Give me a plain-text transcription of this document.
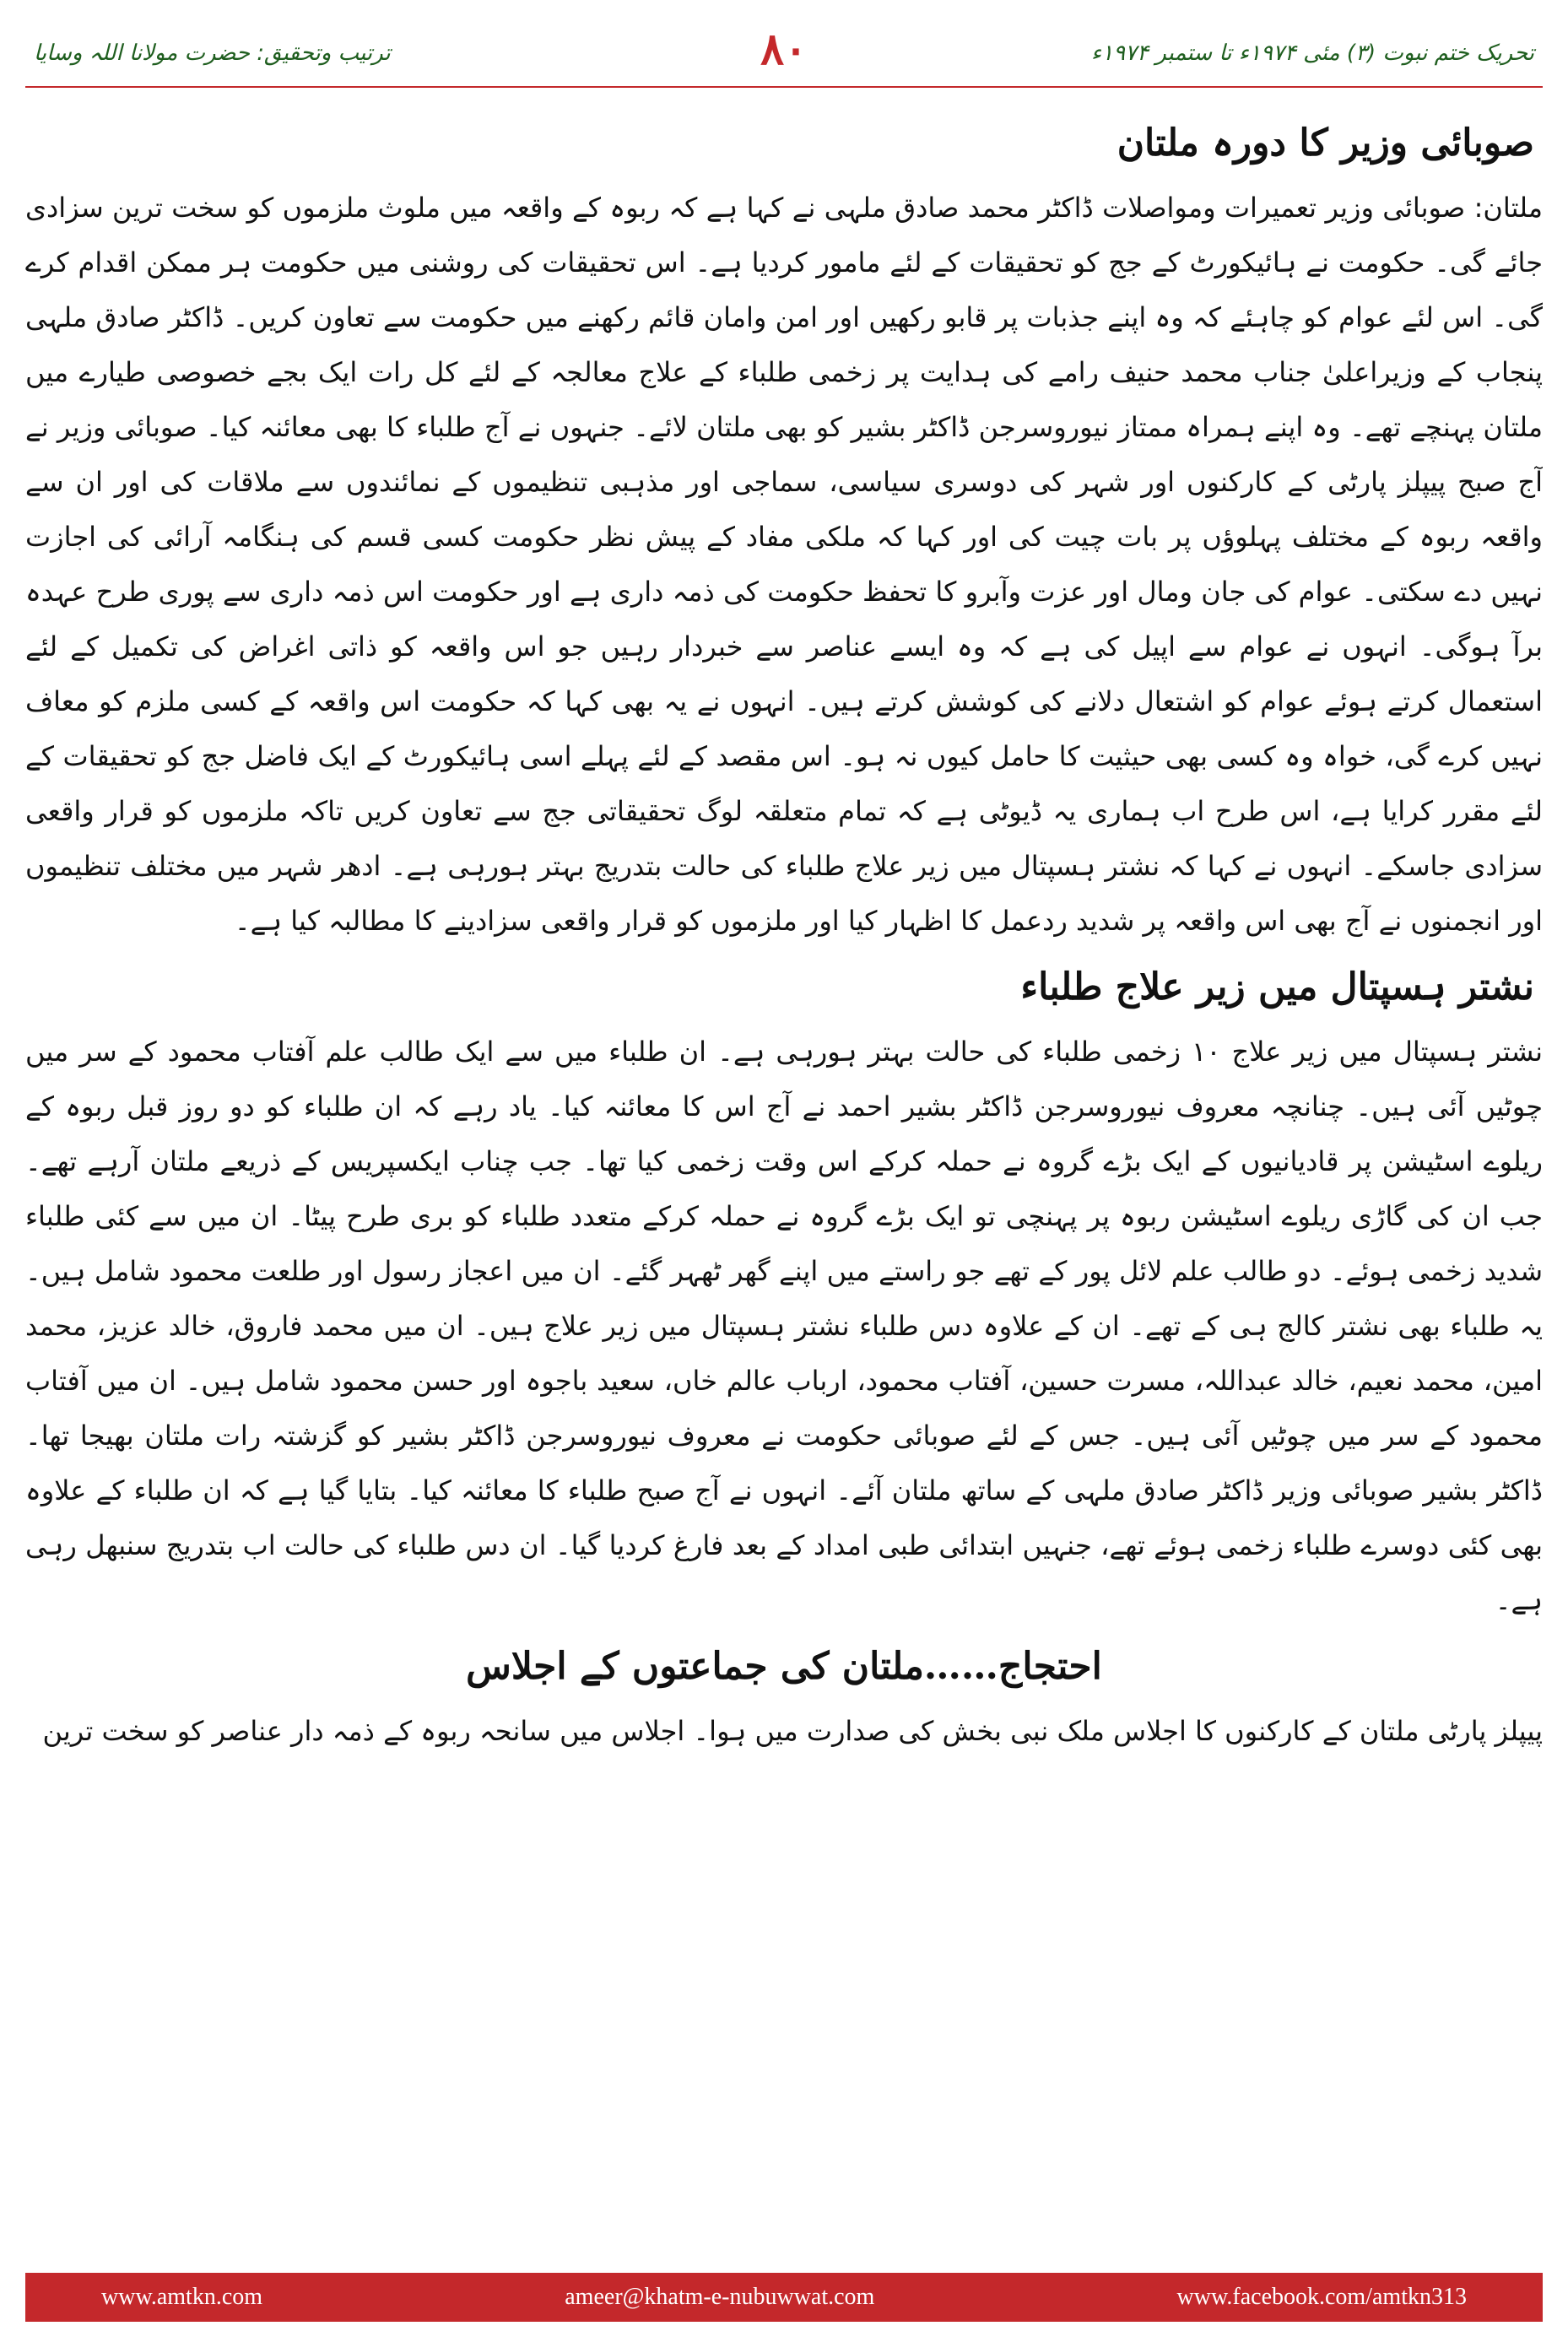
ترتیب وتحقیق: حضرت مولانا اللہ وسایا	٨٠	تحریک ختم نبوت (۳) مئی ۱۹۷۴ء تا ستمبر ۱۹۷۴ء
صوبائی وزیر کا دورہ ملتان

ملتان: صوبائی وزیر تعمیرات ومواصلات ڈاکٹر محمد صادق ملہی نے کہا ہے کہ ربوہ کے واقعہ میں ملوث ملزموں کو سخت ترین سزادی جائے گی۔ حکومت نے ہائیکورٹ کے جج کو تحقیقات کے لئے مامور کردیا ہے۔ اس تحقیقات کی روشنی میں حکومت ہر ممکن اقدام کرے گی۔ اس لئے عوام کو چاہئے کہ وہ اپنے جذبات پر قابو رکھیں اور امن وامان قائم رکھنے میں حکومت سے تعاون کریں۔ ڈاکٹر صادق ملہی پنجاب کے وزیراعلیٰ جناب محمد حنیف رامے کی ہدایت پر زخمی طلباء کے علاج معالجہ کے لئے کل رات ایک بجے خصوصی طیارے میں ملتان پہنچے تھے۔ وہ اپنے ہمراہ ممتاز نیوروسرجن ڈاکٹر بشیر کو بھی ملتان لائے۔ جنہوں نے آج طلباء کا بھی معائنہ کیا۔ صوبائی وزیر نے آج صبح پیپلز پارٹی کے کارکنوں اور شہر کی دوسری سیاسی، سماجی اور مذہبی تنظیموں کے نمائندوں سے ملاقات کی اور ان سے واقعہ ربوہ کے مختلف پہلوؤں پر بات چیت کی اور کہا کہ ملکی مفاد کے پیش نظر حکومت کسی قسم کی ہنگامہ آرائی کی اجازت نہیں دے سکتی۔ عوام کی جان ومال اور عزت وآبرو کا تحفظ حکومت کی ذمہ داری ہے اور حکومت اس ذمہ داری سے پوری طرح عہدہ برآ ہوگی۔ انہوں نے عوام سے اپیل کی ہے کہ وہ ایسے عناصر سے خبردار رہیں جو اس واقعہ کو ذاتی اغراض کی تکمیل کے لئے استعمال کرتے ہوئے عوام کو اشتعال دلانے کی کوشش کرتے ہیں۔ انہوں نے یہ بھی کہا کہ حکومت اس واقعہ کے کسی ملزم کو معاف نہیں کرے گی، خواہ وہ کسی بھی حیثیت کا حامل کیوں نہ ہو۔ اس مقصد کے لئے پہلے اسی ہائیکورٹ کے ایک فاضل جج کو تحقیقات کے لئے مقرر کرایا ہے، اس طرح اب ہماری یہ ڈیوٹی ہے کہ تمام متعلقہ لوگ تحقیقاتی جج سے تعاون کریں تاکہ ملزموں کو قرار واقعی سزادی جاسکے۔ انہوں نے کہا کہ نشتر ہسپتال میں زیر علاج طلباء کی حالت بتدریج بہتر ہورہی ہے۔ ادھر شہر میں مختلف تنظیموں اور انجمنوں نے آج بھی اس واقعہ پر شدید ردعمل کا اظہار کیا اور ملزموں کو قرار واقعی سزادینے کا مطالبہ کیا ہے۔

نشتر ہسپتال میں زیر علاج طلباء

نشتر ہسپتال میں زیر علاج ۱۰ زخمی طلباء کی حالت بہتر ہورہی ہے۔ ان طلباء میں سے ایک طالب علم آفتاب محمود کے سر میں چوٹیں آئی ہیں۔ چنانچہ معروف نیوروسرجن ڈاکٹر بشیر احمد نے آج اس کا معائنہ کیا۔ یاد رہے کہ ان طلباء کو دو روز قبل ربوہ کے ریلوے اسٹیشن پر قادیانیوں کے ایک بڑے گروہ نے حملہ کرکے اس وقت زخمی کیا تھا۔ جب چناب ایکسپریس کے ذریعے ملتان آرہے تھے۔ جب ان کی گاڑی ریلوے اسٹیشن ربوہ پر پہنچی تو ایک بڑے گروہ نے حملہ کرکے متعدد طلباء کو بری طرح پیٹا۔ ان میں سے کئی طلباء شدید زخمی ہوئے۔ دو طالب علم لائل پور کے تھے جو راستے میں اپنے گھر ٹھہر گئے۔ ان میں اعجاز رسول اور طلعت محمود شامل ہیں۔ یہ طلباء بھی نشتر کالج ہی کے تھے۔ ان کے علاوہ دس طلباء نشتر ہسپتال میں زیر علاج ہیں۔ ان میں محمد فاروق، خالد عزیز، محمد امین، محمد نعیم، خالد عبداللہ، مسرت حسین، آفتاب محمود، ارباب عالم خاں، سعید باجوہ اور حسن محمود شامل ہیں۔ ان میں آفتاب محمود کے سر میں چوٹیں آئی ہیں۔ جس کے لئے صوبائی حکومت نے معروف نیوروسرجن ڈاکٹر بشیر کو گزشتہ رات ملتان بھیجا تھا۔ ڈاکٹر بشیر صوبائی وزیر ڈاکٹر صادق ملہی کے ساتھ ملتان آئے۔ انہوں نے آج صبح طلباء کا معائنہ کیا۔ بتایا گیا ہے کہ ان طلباء کے علاوہ بھی کئی دوسرے طلباء زخمی ہوئے تھے، جنہیں ابتدائی طبی امداد کے بعد فارغ کردیا گیا۔ ان دس طلباء کی حالت اب بتدریج سنبھل رہی ہے۔

احتجاج……ملتان کی جماعتوں کے اجلاس

پیپلز پارٹی ملتان کے کارکنوں کا اجلاس ملک نبی بخش کی صدارت میں ہوا۔ اجلاس میں سانحہ ربوہ کے ذمہ دار عناصر کو سخت ترین

www.amtkn.com	ameer@khatm-e-nubuwwat.com	www.facebook.com/amtkn313
